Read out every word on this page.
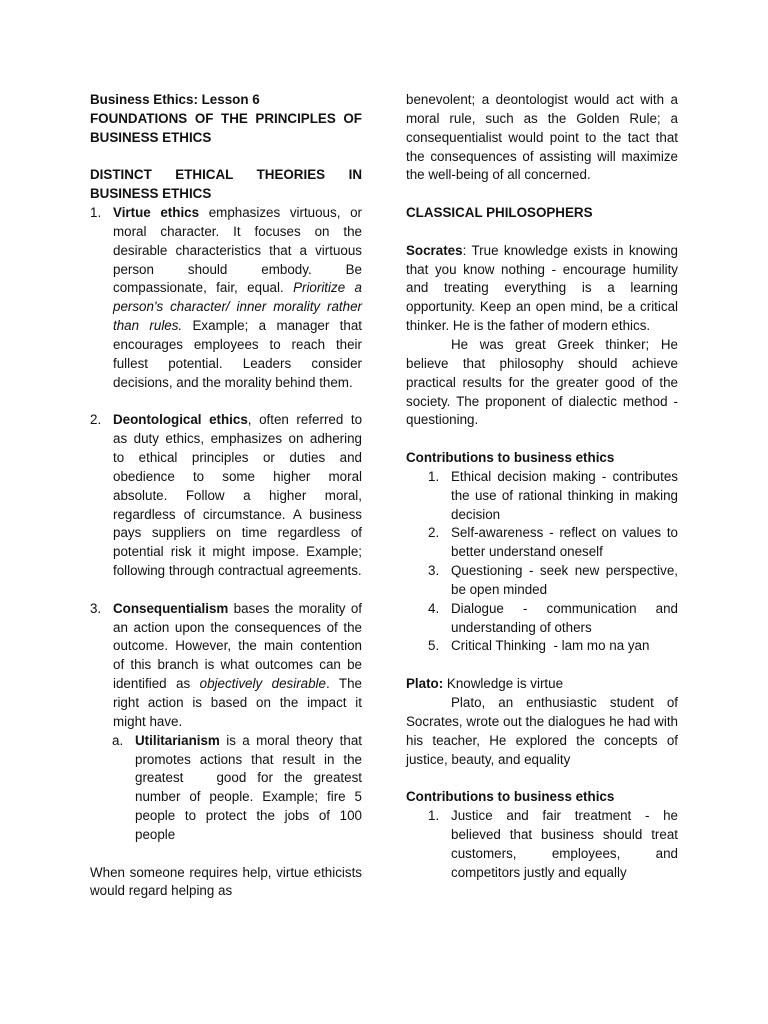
Business Ethics: Lesson 6

FOUNDATIONS OF THE PRINCIPLES OF BUSINESS ETHICS

DISTINCT ETHICAL THEORIES IN BUSINESS ETHICS

1. Virtue ethics emphasizes virtuous, or moral character. It focuses on the desirable characteristics that a virtuous person should embody. Be compassionate, fair, equal. Prioritize a person's character/ inner morality rather than rules. Example; a manager that encourages employees to reach their fullest potential. Leaders consider decisions, and the morality behind them.
2. Deontological ethics, often referred to as duty ethics, emphasizes on adhering to ethical principles or duties and obedience to some higher moral absolute. Follow a higher moral, regardless of circumstance. A business pays suppliers on time regardless of potential risk it might impose. Example; following through contractual agreements.
3. Consequentialism bases the morality of an action upon the consequences of the outcome. However, the main contention of this branch is what outcomes can be identified as objectively desirable. The right action is based on the impact it might have.
a. Utilitarianism is a moral theory that promotes actions that result in the greatest   good for the greatest number of people. Example; fire 5 people to protect the jobs of 100 people

When someone requires help, virtue ethicists would regard helping as

benevolent; a deontologist would act with a moral rule, such as the Golden Rule; a consequentialist would point to the tact that the consequences of assisting will maximize the well-being of all concerned.

CLASSICAL PHILOSOPHERS

Socrates: True knowledge exists in knowing that you know nothing - encourage humility and treating everything is a learning opportunity. Keep an open mind, be a critical thinker. He is the father of modern ethics.

He was great Greek thinker; He believe that philosophy should achieve practical results for the greater good of the society. The proponent of dialectic method - questioning.

Contributions to business ethics

1. Ethical decision making - contributes the use of rational thinking in making decision
2. Self-awareness - reflect on values to better understand oneself
3. Questioning - seek new perspective, be open minded
4. Dialogue - communication and understanding of others
5. Critical Thinking  - lam mo na yan

Plato: Knowledge is virtue

Plato, an enthusiastic student of Socrates, wrote out the dialogues he had with his teacher, He explored the concepts of justice, beauty, and equality

Contributions to business ethics

1. Justice and fair treatment - he believed that business should treat customers, employees, and competitors justly and equally
